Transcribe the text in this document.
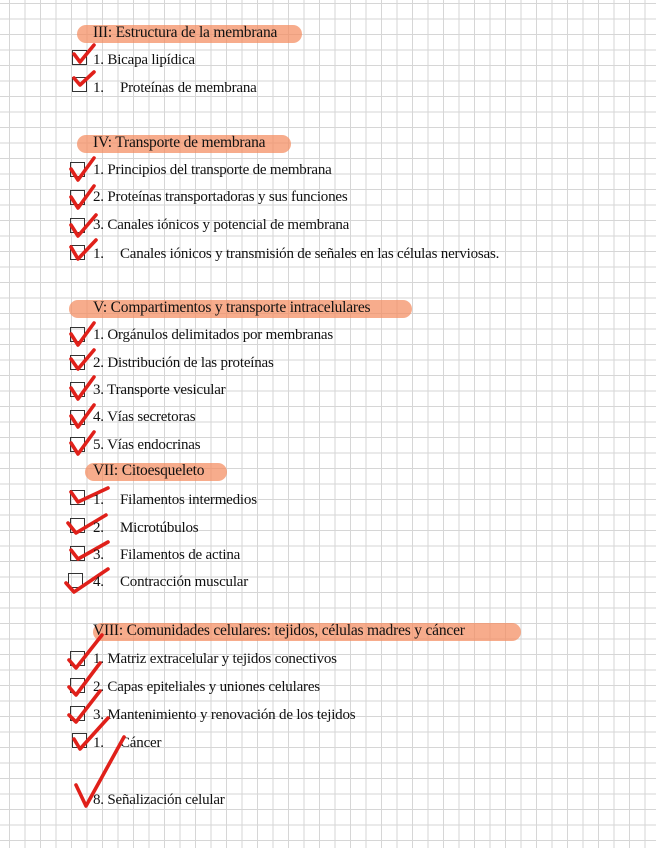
III: Estructura de la membrana
1. Bicapa lipídica
1. Proteínas de membrana
IV: Transporte de membrana
1. Principios del transporte de membrana
2. Proteínas transportadoras y sus funciones
3. Canales iónicos y potencial de membrana
1. Canales iónicos y transmisión de señales en las células nerviosas.
V: Compartimentos y transporte intracelulares
1. Orgánulos delimitados por membranas
2. Distribución de las proteínas
3. Transporte vesicular
4. Vías secretoras
5. Vías endocrinas
VII: Citoesqueleto
1. Filamentos intermedios
2. Microtúbulos
3. Filamentos de actina
4. Contracción muscular
VIII: Comunidades celulares: tejidos, células madres y cáncer
1. Matriz extracelular y tejidos conectivos
2. Capas epiteliales y uniones celulares
3. Mantenimiento y renovación de los tejidos
1. Cáncer
8. Señalización celular
